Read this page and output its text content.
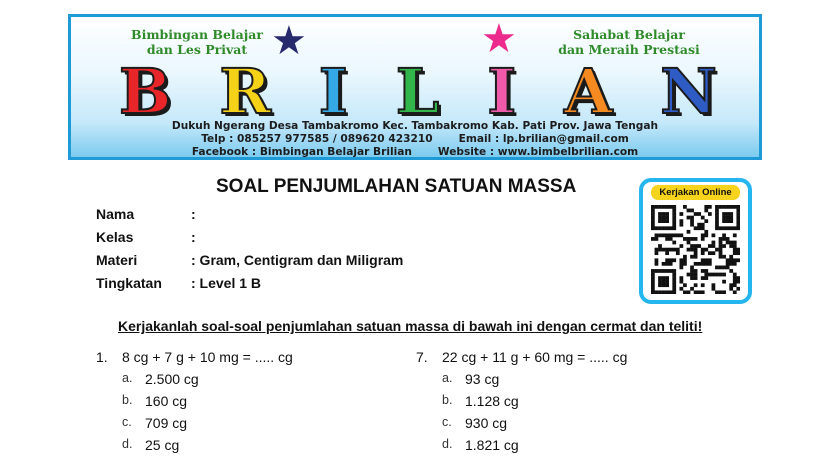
Bimbingan Belajar
dan Les Privat
Sahabat Belajar
dan Meraih Prestasi
★	★
B R I L I A N
Dukuh Ngerang Desa Tambakromo Kec. Tambakromo Kab. Pati Prov. Jawa Tengah
Telp : 085257 977585 / 089620 423210 Email : lp.brilian@gmail.com
Facebook : Bimbingan Belajar Brilian Website : www.bimbelbrilian.com
SOAL PENJUMLAHAN SATUAN MASSA
Nama	:
Kelas	:
Materi	: Gram, Centigram dan Miligram
Tingkatan : Level 1 B
Kerjakan Online
Kerjakanlah soal-soal penjumlahan satuan massa di bawah ini dengan cermat dan teliti!
1. 8 cg + 7 g + 10 mg = ..... cg
a. 2.500 cg
b. 160 cg
c. 709 cg
d. 25 cg
7. 22 cg + 11 g + 60 mg = ..... cg
a. 93 cg
b. 1.128 cg
c. 930 cg
d. 1.821 cg
